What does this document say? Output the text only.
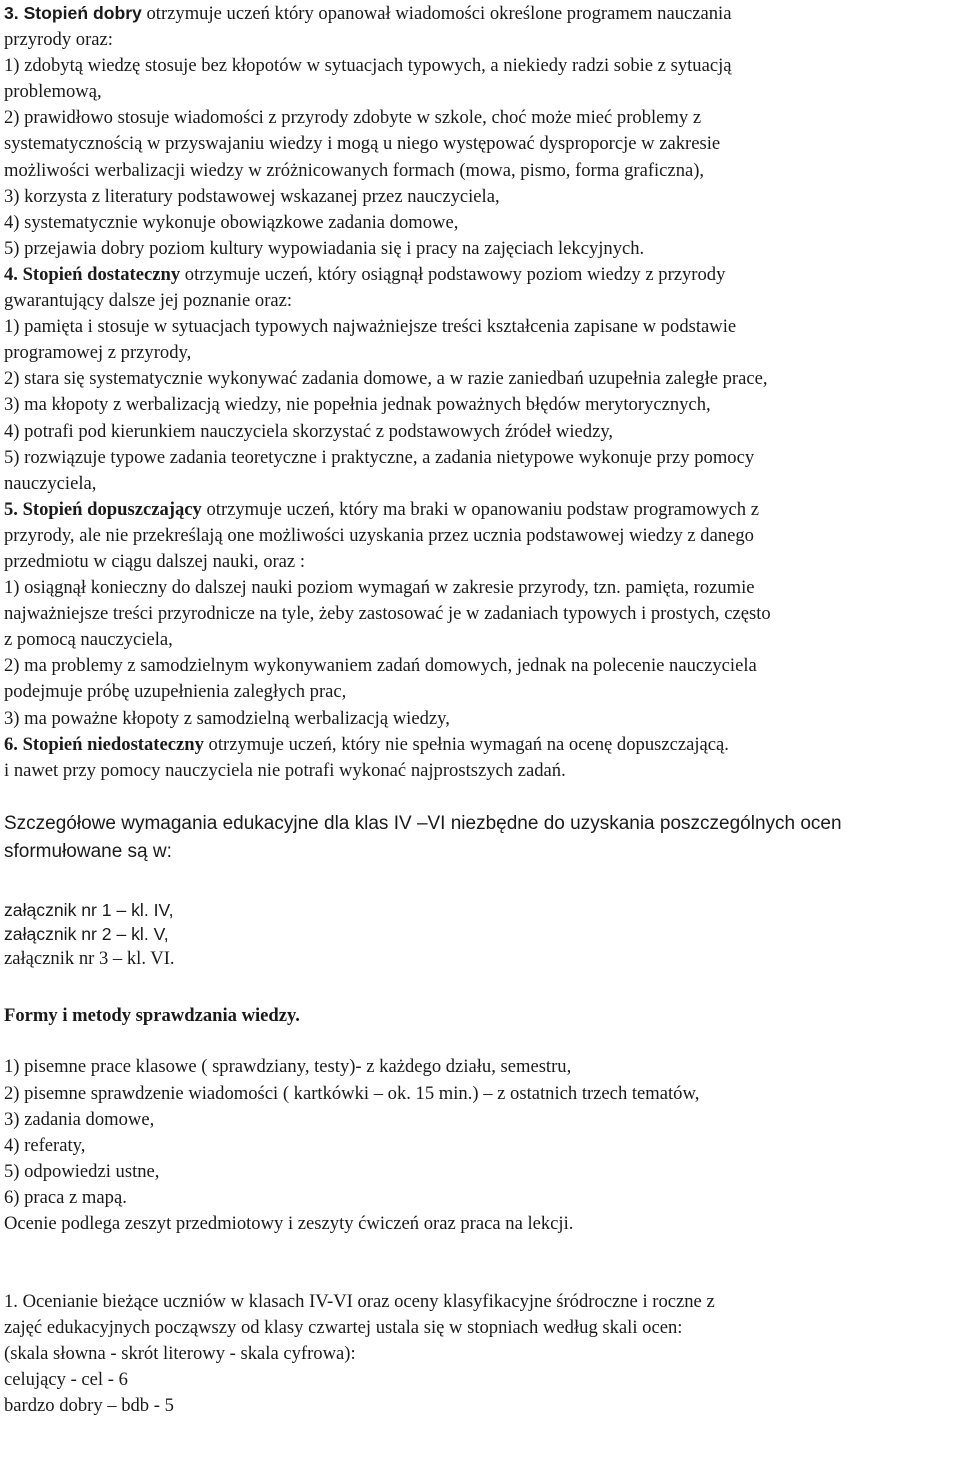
3. Stopień dobry otrzymuje uczeń który opanował wiadomości określone programem nauczania

przyrody oraz:

1) zdobytą wiedzę stosuje bez kłopotów w sytuacjach typowych, a niekiedy radzi sobie z sytuacją

problemową,

2) prawidłowo stosuje wiadomości z przyrody zdobyte w szkole, choć może mieć problemy z

systematycznością w przyswajaniu wiedzy i mogą u niego występować dysproporcje w zakresie

możliwości werbalizacji wiedzy w zróżnicowanych formach (mowa, pismo, forma graficzna),

3) korzysta z literatury podstawowej wskazanej przez nauczyciela,

4) systematycznie wykonuje obowiązkowe zadania domowe,

5) przejawia dobry poziom kultury wypowiadania się i pracy na zajęciach lekcyjnych.

4. Stopień dostateczny otrzymuje uczeń, który osiągnął podstawowy poziom wiedzy z przyrody

gwarantujący dalsze jej poznanie oraz:

1) pamięta i stosuje w sytuacjach typowych najważniejsze treści kształcenia zapisane w podstawie

programowej z przyrody,

2) stara się systematycznie wykonywać zadania domowe, a w razie zaniedbań uzupełnia zaległe prace,

3) ma kłopoty z werbalizacją wiedzy, nie popełnia jednak poważnych błędów merytorycznych,

4) potrafi pod kierunkiem nauczyciela skorzystać z podstawowych źródeł wiedzy,

5) rozwiązuje typowe zadania teoretyczne i praktyczne, a zadania nietypowe wykonuje przy pomocy

nauczyciela,

5. Stopień dopuszczający otrzymuje uczeń, który ma braki w opanowaniu podstaw programowych z

przyrody, ale nie przekreślają one możliwości uzyskania przez ucznia podstawowej wiedzy z danego

przedmiotu w ciągu dalszej nauki, oraz :

1) osiągnął konieczny do dalszej nauki poziom wymagań w zakresie przyrody, tzn. pamięta, rozumie

najważniejsze treści przyrodnicze na tyle, żeby zastosować je w zadaniach typowych i prostych, często

z pomocą nauczyciela,

2) ma problemy z samodzielnym wykonywaniem zadań domowych, jednak na polecenie nauczyciela

podejmuje próbę uzupełnienia zaległych prac,

3) ma poważne kłopoty z samodzielną werbalizacją wiedzy,

6. Stopień niedostateczny otrzymuje uczeń, który nie spełnia wymagań na ocenę dopuszczającą.

i nawet przy pomocy nauczyciela nie potrafi wykonać najprostszych zadań.

Szczegółowe wymagania edukacyjne dla klas IV –VI niezbędne do uzyskania poszczególnych ocen

sformułowane są w:

załącznik nr 1 – kl. IV,

załącznik nr 2 – kl. V,

załącznik nr 3 – kl. VI.

Formy i metody sprawdzania wiedzy.

1) pisemne prace klasowe ( sprawdziany, testy)- z każdego działu, semestru,

2) pisemne sprawdzenie wiadomości ( kartkówki – ok. 15 min.) – z ostatnich trzech tematów,

3) zadania domowe,

4) referaty,

5) odpowiedzi ustne,

6) praca z mapą.

Ocenie podlega zeszyt przedmiotowy i zeszyty ćwiczeń oraz praca na lekcji.

1. Ocenianie bieżące uczniów w klasach IV-VI oraz oceny klasyfikacyjne śródroczne i roczne z

zajęć edukacyjnych począwszy od klasy czwartej ustala się w stopniach według skali ocen:

(skala słowna - skrót literowy - skala cyfrowa):

celujący - cel - 6

bardzo dobry – bdb - 5
